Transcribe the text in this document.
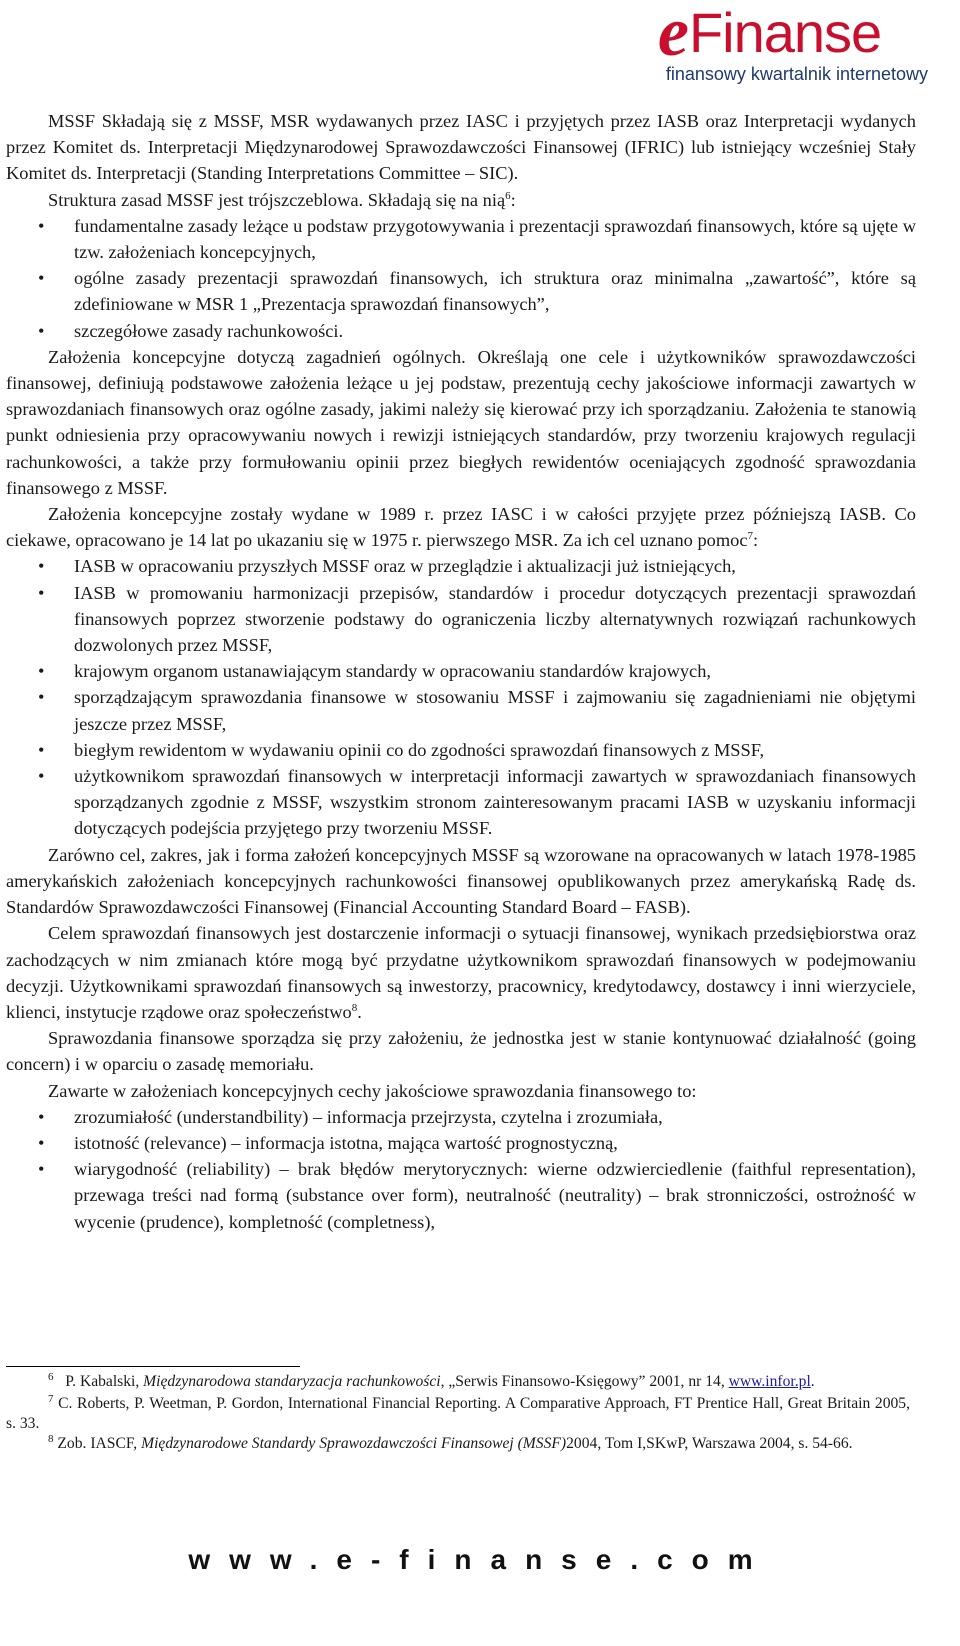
eFinanse
finansowy kwartalnik internetowy

MSSF Składają się z MSSF, MSR wydawanych przez IASC i przyjętych przez IASB oraz Interpretacji wydanych przez Komitet ds. Interpretacji Międzynarodowej Sprawozdawczości Finansowej (IFRIC) lub istniejący wcześniej Stały Komitet ds. Interpretacji (Standing Interpretations Committee – SIC).

Struktura zasad MSSF jest trójszczeblowa. Składają się na nią$^6$:

• fundamentalne zasady leżące u podstaw przygotowywania i prezentacji sprawozdań finansowych, które są ujęte w tzw. założeniach koncepcyjnych,
• ogólne zasady prezentacji sprawozdań finansowych, ich struktura oraz minimalna „zawartość”, które są zdefiniowane w MSR 1 „Prezentacja sprawozdań finansowych”,
• szczegółowe zasady rachunkowości.

Założenia koncepcyjne dotyczą zagadnień ogólnych. Określają one cele i użytkowników sprawozdawczości finansowej, definiują podstawowe założenia leżące u jej podstaw, prezentują cechy jakościowe informacji zawartych w sprawozdaniach finansowych oraz ogólne zasady, jakimi należy się kierować przy ich sporządzaniu. Założenia te stanowią punkt odniesienia przy opracowywaniu nowych i rewizji istniejących standardów, przy tworzeniu krajowych regulacji rachunkowości, a także przy formułowaniu opinii przez biegłych rewidentów oceniających zgodność sprawozdania finansowego z MSSF.

Założenia koncepcyjne zostały wydane w 1989 r. przez IASC i w całości przyjęte przez późniejszą IASB. Co ciekawe, opracowano je 14 lat po ukazaniu się w 1975 r. pierwszego MSR. Za ich cel uznano pomoc$^7$:

• IASB w opracowaniu przyszłych MSSF oraz w przeglądzie i aktualizacji już istniejących,
• IASB w promowaniu harmonizacji przepisów, standardów i procedur dotyczących prezentacji sprawozdań finansowych poprzez stworzenie podstawy do ograniczenia liczby alternatywnych rozwiązań rachunkowych dozwolonych przez MSSF,
• krajowym organom ustanawiającym standardy w opracowaniu standardów krajowych,
• sporządzającym sprawozdania finansowe w stosowaniu MSSF i zajmowaniu się zagadnieniami nie objętymi jeszcze przez MSSF,
• biegłym rewidentom w wydawaniu opinii co do zgodności sprawozdań finansowych z MSSF,
• użytkownikom sprawozdań finansowych w interpretacji informacji zawartych w sprawozdaniach finansowych sporządzanych zgodnie z MSSF, wszystkim stronom zainteresowanym pracami IASB w uzyskaniu informacji dotyczących podejścia przyjętego przy tworzeniu MSSF.

Zarówno cel, zakres, jak i forma założeń koncepcyjnych MSSF są wzorowane na opracowanych w latach 1978-1985 amerykańskich założeniach koncepcyjnych rachunkowości finansowej opublikowanych przez amerykańską Radę ds. Standardów Sprawozdawczości Finansowej (Financial Accounting Standard Board – FASB).

Celem sprawozdań finansowych jest dostarczenie informacji o sytuacji finansowej, wynikach przedsiębiorstwa oraz zachodzących w nim zmianach które mogą być przydatne użytkownikom sprawozdań finansowych w podejmowaniu decyzji. Użytkownikami sprawozdań finansowych są inwestorzy, pracownicy, kredytodawcy, dostawcy i inni wierzyciele, klienci, instytucje rządowe oraz społeczeństwo$^8$.

Sprawozdania finansowe sporządza się przy założeniu, że jednostka jest w stanie kontynuować działalność (going concern) i w oparciu o zasadę memoriału.

Zawarte w założeniach koncepcyjnych cechy jakościowe sprawozdania finansowego to:

• zrozumiałość (understandbility) – informacja przejrzysta, czytelna i zrozumiała,
• istotność (relevance) – informacja istotna, mająca wartość prognostyczną,
• wiarygodność (reliability) – brak błędów merytorycznych: wierne odzwierciedlenie (faithful representation), przewaga treści nad formą (substance over form), neutralność (neutrality) – brak stronniczości, ostrożność w wycenie (prudence), kompletność (completness),

$^6$ P. Kabalski, Międzynarodowa standaryzacja rachunkowości, „Serwis Finansowo-Księgowy” 2001, nr 14, www.infor.pl.

$^7$ C. Roberts, P. Weetman, P. Gordon, International Financial Reporting. A Comparative Approach, FT Prentice Hall, Great Britain 2005, s. 33.

$^8$ Zob. IASCF, Międzynarodowe Standardy Sprawozdawczości Finansowej (MSSF)2004, Tom I,SKwP, Warszawa 2004, s. 54-66.

www.e-finanse.com
